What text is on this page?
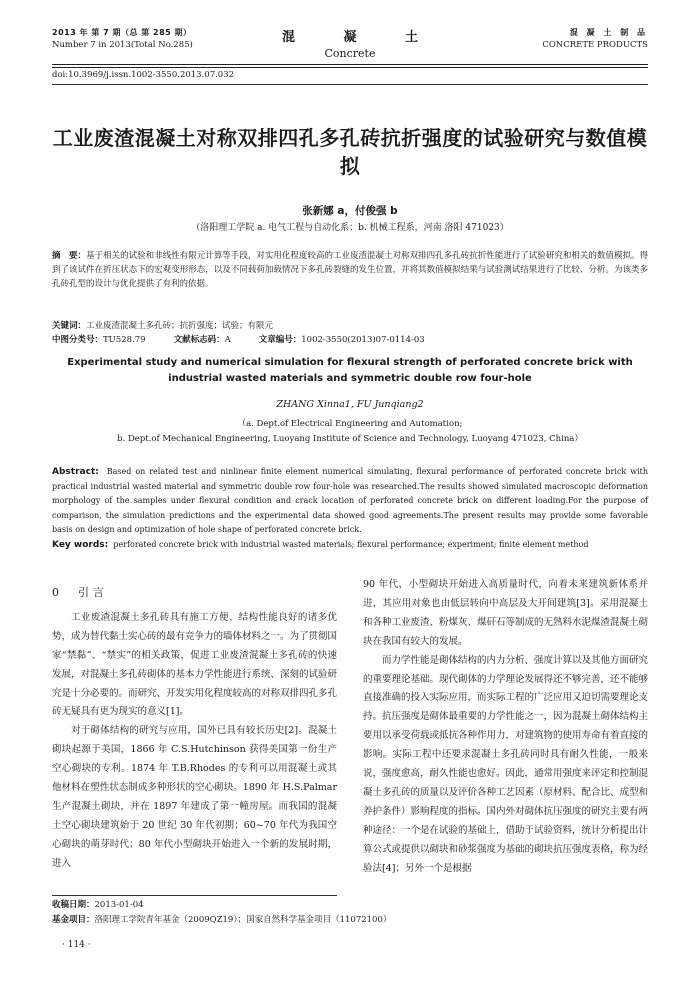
2013 年 第 7 期（总 第 285 期）
Number 7 in 2013(Total No.285)	混 凝 土
Concrete
混 凝 土 制 品
CONCRETE PRODUCTS
doi:10.3969/j.issn.1002-3550.2013.07.032
工业废渣混凝土对称双排四孔多孔砖抗折强度的试验研究与数值模拟
张新娜 a，付俊强 b
（洛阳理工学院 a. 电气工程与自动化系；b. 机械工程系，河南 洛阳 471023）
摘　要：基于相关的试验和非线性有限元计算等手段，对实用化程度较高的工业废渣混凝土对称双排四孔多孔砖抗折性能进行了试验研究和相关的数值模拟。得到了该试件在折压状态下的宏观变形形态，以及不同载荷加载情况下多孔砖裂缝的发生位置，并将其数值模拟结果与试验测试结果进行了比较、分析。为该类多孔砖孔型的设计与优化提供了有利的依据。
关键词：工业废渣混凝土多孔砖；抗折强度；试验；有限元
中图分类号：TU528.79	文献标志码：A	文章编号：1002-3550(2013)07-0114-03
Experimental study and numerical simulation for flexural strength of perforated concrete brick with industrial wasted materials and symmetric double row four-hole
ZHANG Xinna1, FU Junqiang2
（a. Dept.of Electrical Engineering and Automation;
b. Dept.of Mechanical Engineering, Luoyang Institute of Science and Technology, Luoyang 471023, China）
Abstract: Based on related test and ninlinear finite element numerical simulating, flexural performance of perforated concrete brick with practical industrial wasted material and symmetric double row four-hole was researched.The results showed simulated macroscopic deformation morphology of the samples under flexural condition and crack location of perforated concrete brick on different loading.For the purpose of comparison, the simulation predictions and the experimental data showed good agreements.The present results may provide some favorable basis on design and optimization of hole shape of perforated concrete brick.
Key words: perforated concrete brick with industrial wasted materials; flexural performance; experiment; finite element method
0　引言

工业废渣混凝土多孔砖具有施工方便、结构性能良好的诸多优势，成为替代黏土实心砖的最有竞争力的墙体材料之一。为了贯彻国家“禁黏”、“禁实”的相关政策，促进工业废渣混凝土多孔砖的快速发展，对混凝土多孔砖砌体的基本力学性能进行系统、深刻的试验研究是十分必要的。而研究、开发实用化程度较高的对称双排四孔多孔砖无疑具有更为现实的意义[1]。

对于砌体结构的研究与应用，国外已具有较长历史[2]。混凝土砌块起源于美国，1866 年 C.S.Hutchinson 获得美国第一份生产空心砌块的专利。1874 年 T.B.Rhodes 的专利可以用混凝土或其他材料在塑性状态制成多种形状的空心砌块。1890 年 H.S.Palmar 生产混凝土砌块，并在 1897 年建成了第一幢房屋。而我国的混凝土空心砌块建筑始于 20 世纪 30 年代初期；60~70 年代为我国空心砌块的萌芽时代；80 年代小型砌块开始进入一个新的发展时期，进入

90 年代，小型砌块开始进入高质量时代，向着未来建筑新体系并进，其应用对象也由低层转向中高层及大开间建筑[3]。采用混凝土和各种工业废渣、粉煤灰、煤矸石等制成的无熟料水泥煤渣混凝土砌块在我国有较大的发展。

而力学性能是砌体结构的内力分析、强度计算以及其他方面研究的重要理论基础。现代砌体的力学理论发展得还不够完善，还不能够直接准确的投入实际应用，而实际工程的广泛应用又迫切需要理论支持。抗压强度是砌体最重要的力学性能之一，因为混凝土砌体结构主要用以承受荷载或抵抗各种作用力，对建筑物的使用寿命有着直接的影响。实际工程中还要求混凝土多孔砖同时具有耐久性能，一般来说，强度愈高，耐久性能也愈好。因此，通常用强度来评定和控制混凝土多孔砖的质量以及评价各种工艺因素（原材料、配合比、成型和养护条件）影响程度的指标。国内外对砌体抗压强度的研究主要有两种途径：一个是在试验的基础上，借助于试验资料，统计分析提出计算公式或提供以砌块和砂浆强度为基础的砌块抗压强度表格，称为经验法[4]；另外一个是根据

收稿日期：2013-01-04
基金项目：洛阳理工学院青年基金（2009QZ19）；国家自然科学基金项目（11072100）
· 114 ·
